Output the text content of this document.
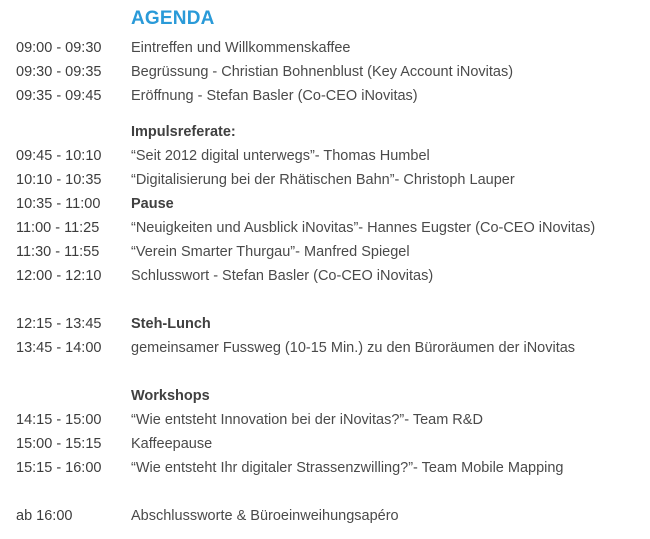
AGENDA
09:00 - 09:30 Eintreffen und Willkommenskaffee
09:30 - 09:35 Begrüssung - Christian Bohnenblust (Key Account iNovitas)
09:35 - 09:45 Eröffnung - Stefan Basler (Co-CEO iNovitas)
Impulsreferate:
09:45 - 10:10 “Seit 2012 digital unterwegs”- Thomas Humbel
10:10 - 10:35 “Digitalisierung bei der Rhätischen Bahn”- Christoph Lauper
10:35 - 11:00 Pause
11:00 - 11:25 “Neuigkeiten und Ausblick iNovitas”- Hannes Eugster (Co-CEO iNovitas)
11:30 - 11:55 “Verein Smarter Thurgau”- Manfred Spiegel
12:00 - 12:10 Schlusswort - Stefan Basler (Co-CEO iNovitas)
12:15 - 13:45 Steh-Lunch
13:45 - 14:00 gemeinsamer Fussweg (10-15 Min.) zu den Büroräumen der iNovitas
Workshops
14:15 - 15:00 “Wie entsteht Innovation bei der iNovitas?”- Team R&D
15:00 - 15:15 Kaffeepause
15:15 - 16:00 “Wie entsteht Ihr digitaler Strassenzwilling?”- Team Mobile Mapping
ab 16:00	Abschlussworte & Büroeinweihungsapéro
